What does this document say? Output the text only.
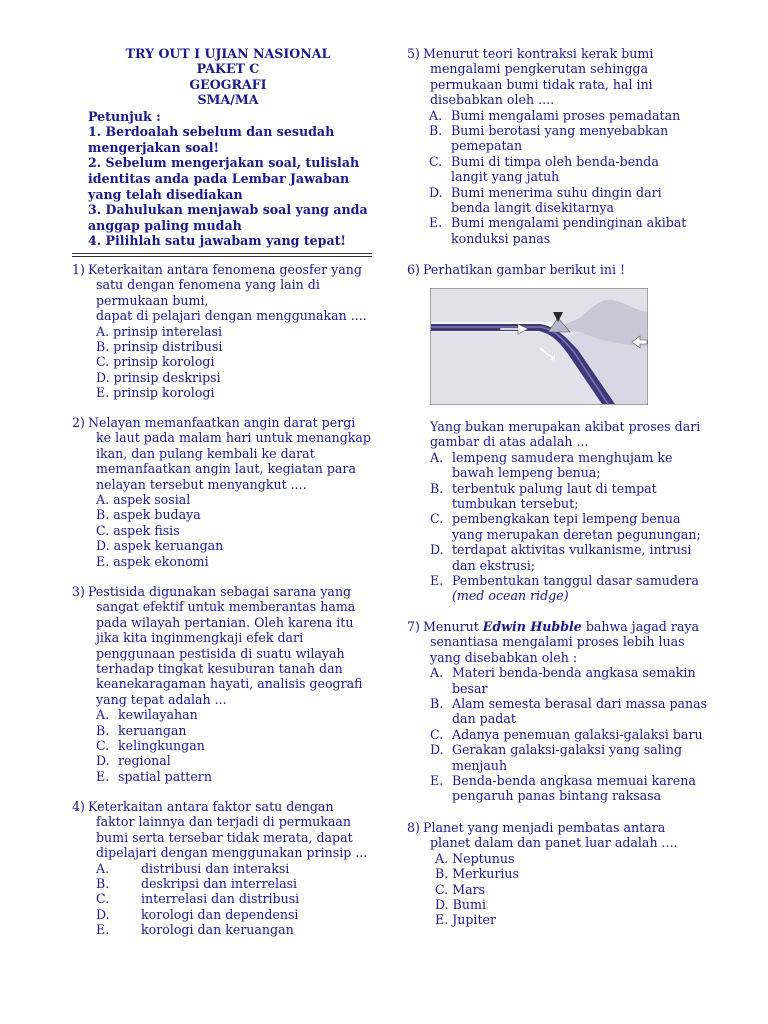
TRY OUT I UJIAN NASIONAL
PAKET C
GEOGRAFI
SMA/MA
Petunjuk :
1. Berdoalah sebelum dan sesudah
mengerjakan soal!
2. Sebelum mengerjakan soal, tulislah
identitas anda pada Lembar Jawaban
yang telah disediakan
3. Dahulukan menjawab soal yang anda
anggap paling mudah
4. Pilihlah satu jawabam yang tepat!
1) Keterkaitan antara fenomena geosfer yang
satu dengan fenomena yang lain di
permukaan bumi,
dapat di pelajari dengan menggunakan ....
A. prinsip interelasi
B. prinsip distribusi
C. prinsip korologi
D. prinsip deskripsi
E. prinsip korologi
2) Nelayan memanfaatkan angin darat pergi
ke laut pada malam hari untuk menangkap
ikan, dan pulang kembali ke darat
memanfaatkan angin laut, kegiatan para
nelayan tersebut menyangkut ....
A. aspek sosial
B. aspek budaya
C. aspek fisis
D. aspek keruangan
E. aspek ekonomi
3) Pestisida digunakan sebagai sarana yang
sangat efektif untuk memberantas hama
pada wilayah pertanian. Oleh karena itu
jika kita inginmengkaji efek dari
penggunaan pestisida di suatu wilayah
terhadap tingkat kesuburan tanah dan
keanekaragaman hayati, analisis geografi
yang tepat adalah ...
A. kewilayahan
B. keruangan
C. kelingkungan
D. regional
E. spatial pattern
4) Keterkaitan antara faktor satu dengan
faktor lainnya dan terjadi di permukaan
bumi serta tersebar tidak merata, dapat
dipelajari dengan menggunakan prinsip ...
A.	distribusi dan interaksi
B.	deskripsi dan interrelasi
C.	interrelasi dan distribusi
D.	korologi dan dependensi
E.	korologi dan keruangan
5) Menurut teori kontraksi kerak bumi
mengalami pengkerutan sehingga
permukaan bumi tidak rata, hal ini
disebabkan oleh ....
A. Bumi mengalami proses pemadatan
B. Bumi berotasi yang menyebabkan pemepatan
C. Bumi di timpa oleh benda-benda langit yang jatuh
D. Bumi menerima suhu dingin dari benda langit disekitarnya
E. Bumi mengalami pendinginan akibat konduksi panas
6) Perhatikan gambar berikut ini !
Yang bukan merupakan akibat proses dari
gambar di atas adalah ...
A. lempeng samudera menghujam ke bawah lempeng benua;
B. terbentuk palung laut di tempat tumbukan tersebut;
C. pembengkakan tepi lempeng benua yang merupakan deretan pegunungan;
D. terdapat aktivitas vulkanisme, intrusi dan ekstrusi;
E. Pembentukan tanggul dasar samudera
(med ocean ridge)
7) Menurut Edwin Hubble bahwa jagad raya
senantiasa mengalami proses lebih luas
yang disebabkan oleh :
A. Materi benda-benda angkasa semakin besar
B. Alam semesta berasal dari massa panas dan padat
C. Adanya penemuan galaksi-galaksi baru
D. Gerakan galaksi-galaksi yang saling menjauh
E. Benda-benda angkasa memuai karena pengaruh panas bintang raksasa
8) Planet yang menjadi pembatas antara
planet dalam dan panet luar adalah ....
A. Neptunus
B. Merkurius
C. Mars
D. Bumi
E. Jupiter
